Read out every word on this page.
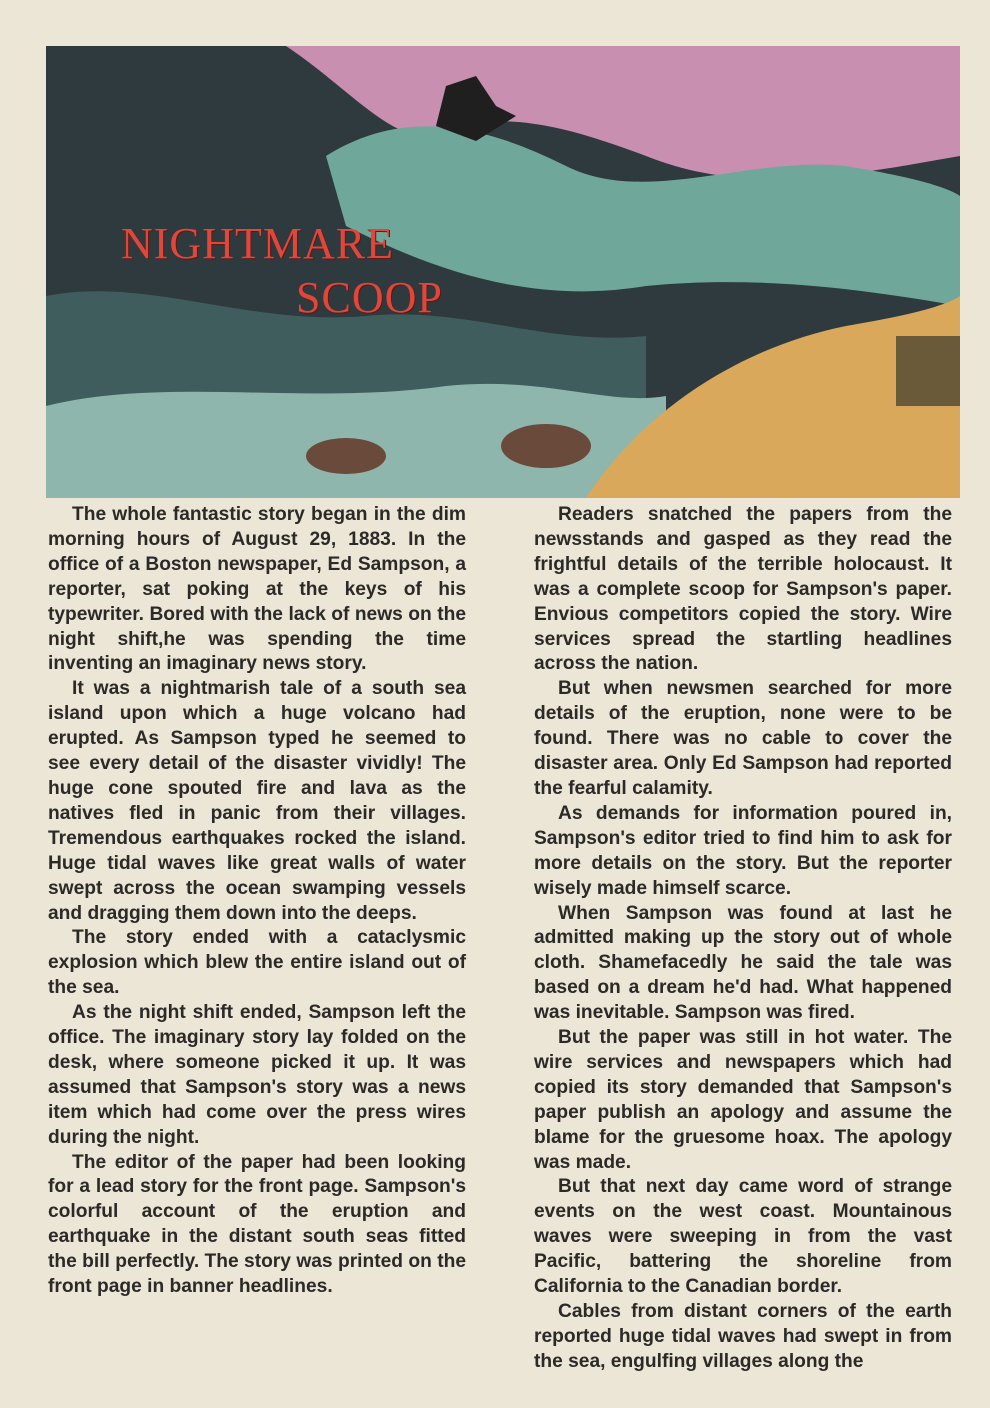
NIGHTMARE
SCOOP

The whole fantastic story began in the dim morning hours of August 29, 1883. In the office of a Boston newspaper, Ed Sampson, a reporter, sat poking at the keys of his typewriter. Bored with the lack of news on the night shift,he was spending the time inventing an imaginary news story.

It was a nightmarish tale of a south sea island upon which a huge volcano had erupted. As Sampson typed he seemed to see every detail of the disaster vividly! The huge cone spouted fire and lava as the natives fled in panic from their villages. Tremendous earthquakes rocked the island. Huge tidal waves like great walls of water swept across the ocean swamping vessels and dragging them down into the deeps.

The story ended with a cataclysmic explosion which blew the entire island out of the sea.

As the night shift ended, Sampson left the office. The imaginary story lay folded on the desk, where someone picked it up. It was assumed that Sampson's story was a news item which had come over the press wires during the night.

The editor of the paper had been looking for a lead story for the front page. Sampson's colorful account of the eruption and earthquake in the distant south seas fitted the bill perfectly. The story was printed on the front page in banner headlines.

Readers snatched the papers from the newsstands and gasped as they read the frightful details of the terrible holocaust. It was a complete scoop for Sampson's paper. Envious competitors copied the story. Wire services spread the startling headlines across the nation.

But when newsmen searched for more details of the eruption, none were to be found. There was no cable to cover the disaster area. Only Ed Sampson had reported the fearful calamity.

As demands for information poured in, Sampson's editor tried to find him to ask for more details on the story. But the reporter wisely made himself scarce.

When Sampson was found at last he admitted making up the story out of whole cloth. Shamefacedly he said the tale was based on a dream he'd had. What happened was inevitable. Sampson was fired.

But the paper was still in hot water. The wire services and newspapers which had copied its story demanded that Sampson's paper publish an apology and assume the blame for the gruesome hoax. The apology was made.

But that next day came word of strange events on the west coast. Mountainous waves were sweeping in from the vast Pacific, battering the shoreline from California to the Canadian border.

Cables from distant corners of the earth reported huge tidal waves had swept in from the sea, engulfing villages along the
